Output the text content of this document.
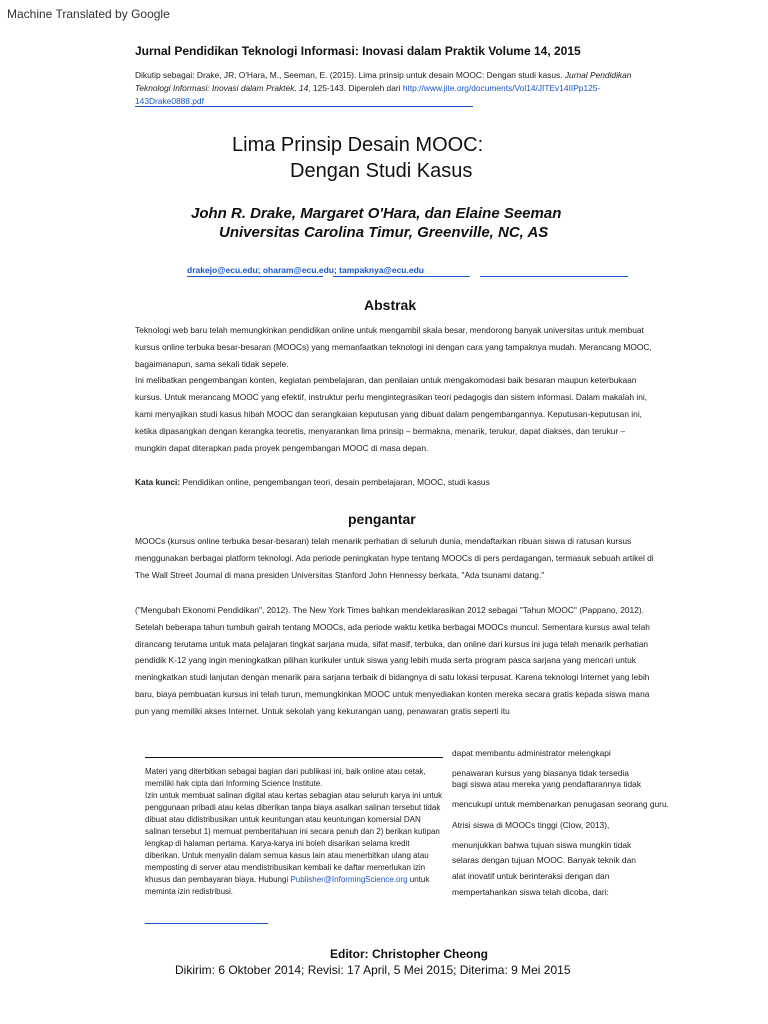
Machine Translated by Google
Jurnal Pendidikan Teknologi Informasi: Inovasi dalam Praktik Volume 14, 2015
Dikutip sebagai: Drake, JR, O'Hara, M., Seeman, E. (2015). Lima prinsip untuk desain MOOC: Dengan studi kasus. Jurnal Pendidikan Teknologi Informasi: Inovasi dalam Praktek, 14, 125-143. Diperoleh dari http://www.jite.org/documents/Vol14/JITEv14IIPp125-143Drake0888.pdf
Lima Prinsip Desain MOOC:
Dengan Studi Kasus
John R. Drake, Margaret O'Hara, dan Elaine Seeman
Universitas Carolina Timur, Greenville, NC, AS
drakejo@ecu.edu; oharam@ecu.edu; tampaknya@ecu.edu
Abstrak

Teknologi web baru telah memungkinkan pendidikan online untuk mengambil skala besar, mendorong banyak universitas untuk membuat kursus online terbuka besar-besaran (MOOCs) yang memanfaatkan teknologi ini dengan cara yang tampaknya mudah. Merancang MOOC, bagaimanapun, sama sekali tidak sepele.

Ini melibatkan pengembangan konten, kegiatan pembelajaran, dan penilaian untuk mengakomodasi baik besaran maupun keterbukaan kursus. Untuk merancang MOOC yang efektif, instruktur perlu mengintegrasikan teori pedagogis dan sistem informasi. Dalam makalah ini, kami menyajikan studi kasus hibah MOOC dan serangkaian keputusan yang dibuat dalam pengembangannya. Keputusan-keputusan ini, ketika dipasangkan dengan kerangka teoretis, menyarankan lima prinsip – bermakna, menarik, terukur, dapat diakses, dan terukur – mungkin dapat diterapkan pada proyek pengembangan MOOC di masa depan.

Kata kunci: Pendidikan online, pengembangan teori, desain pembelajaran, MOOC, studi kasus
pengantar

MOOCs (kursus online terbuka besar-besaran) telah menarik perhatian di seluruh dunia, mendaftarkan ribuan siswa di ratusan kursus menggunakan berbagai platform teknologi. Ada periode peningkatan hype tentang MOOCs di pers perdagangan, termasuk sebuah artikel di The Wall Street Journal di mana presiden Universitas Stanford John Hennessy berkata, "Ada tsunami datang."

("Mengubah Ekonomi Pendidikan", 2012). The New York Times bahkan mendeklarasikan 2012 sebagai "Tahun MOOC" (Pappano, 2012). Setelah beberapa tahun tumbuh gairah tentang MOOCs, ada periode waktu ketika berbagai MOOCs muncul. Sementara kursus awal telah dirancang terutama untuk mata pelajaran tingkat sarjana muda, sifat masif, terbuka, dan online dari kursus ini juga telah menarik perhatian pendidik K-12 yang ingin meningkatkan pilihan kurikuler untuk siswa yang lebih muda serta program pasca sarjana yang mencari untuk meningkatkan studi lanjutan dengan menarik para sarjana terbaik di bidangnya di satu lokasi terpusat. Karena teknologi Internet yang lebih baru, biaya pembuatan kursus ini telah turun, memungkinkan MOOC untuk menyediakan konten mereka secara gratis kepada siswa mana pun yang memiliki akses Internet. Untuk sekolah yang kekurangan uang, penawaran gratis seperti itu

Materi yang diterbitkan sebagai bagian dari publikasi ini, baik online atau cetak, memiliki hak cipta dari Informing Science Institute.

Izin untuk membuat salinan digital atau kertas sebagian atau seluruh karya ini untuk penggunaan pribadi atau kelas diberikan tanpa biaya asalkan salinan tersebut tidak dibuat atau didistribusikan untuk keuntungan atau keuntungan komersial DAN salinan tersebut 1) memuat pemberitahuan ini secara penuh dan 2) berikan kutipan lengkap di halaman pertama. Karya-karya ini boleh disarikan selama kredit diberikan. Untuk menyalin dalam semua kasus lain atau menerbitkan ulang atau memposting di server atau mendistribusikan kembali ke daftar memerlukan izin khusus dan pembayaran biaya. Hubungi Publisher@InformingScience.org untuk meminta izin redistribusi.

dapat membantu administrator melengkapi
penawaran kursus yang biasanya tidak tersedia
bagi siswa atau mereka yang pendaftarannya tidak
mencukupi untuk membenarkan penugasan seorang guru.
Atrisi siswa di MOOCs tinggi (Clow, 2013),
menunjukkan bahwa tujuan siswa mungkin tidak
selaras dengan tujuan MOOC. Banyak teknik dan
alat inovatif untuk berinteraksi dengan dan
mempertahankan siswa telah dicoba, dari:
Editor: Christopher Cheong
Dikirim: 6 Oktober 2014; Revisi: 17 April, 5 Mei 2015; Diterima: 9 Mei 2015
